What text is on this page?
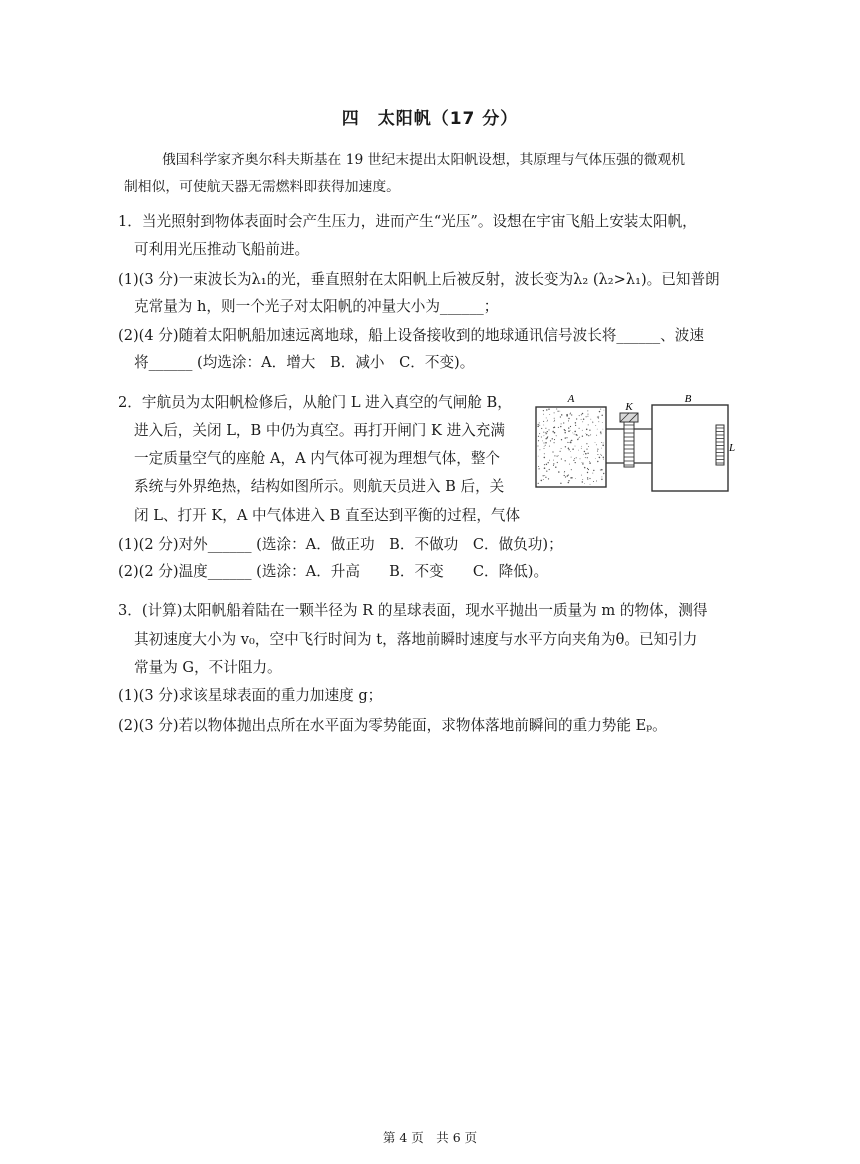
四　太阳帆（17 分）
俄国科学家齐奥尔科夫斯基在 19 世纪末提出太阳帆设想，其原理与气体压强的微观机
制相似，可使航天器无需燃料即获得加速度。
1．当光照射到物体表面时会产生压力，进而产生“光压”。设想在宇宙飞船上安装太阳帆，
可利用光压推动飞船前进。
(1)(3 分)一束波长为λ₁的光，垂直照射在太阳帆上后被反射，波长变为λ₂ (λ₂>λ₁)。已知普朗
克常量为 h，则一个光子对太阳帆的冲量大小为______；
(2)(4 分)随着太阳帆船加速远离地球，船上设备接收到的地球通讯信号波长将______、波速
将______ (均选涂：A．增大　B．减小　C．不变)。
2．宇航员为太阳帆检修后，从舱门 L 进入真空的气闸舱 B，
进入后，关闭 L，B 中仍为真空。再打开闸门 K 进入充满
一定质量空气的座舱 A，A 内气体可视为理想气体，整个
系统与外界绝热，结构如图所示。则航天员进入 B 后，关
闭 L、打开 K，A 中气体进入 B 直至达到平衡的过程，气体
(1)(2 分)对外______ (选涂：A．做正功　B．不做功　C．做负功)；
(2)(2 分)温度______ (选涂：A．升高　　B．不变　　C．降低)。
A
K
B
L
3．(计算)太阳帆船着陆在一颗半径为 R 的星球表面，现水平抛出一质量为 m 的物体，测得
其初速度大小为 v₀，空中飞行时间为 t，落地前瞬时速度与水平方向夹角为θ。已知引力
常量为 G，不计阻力。
(1)(3 分)求该星球表面的重力加速度 g；
(2)(3 分)若以物体抛出点所在水平面为零势能面，求物体落地前瞬间的重力势能 Eₚ。
第 4 页　共 6 页
